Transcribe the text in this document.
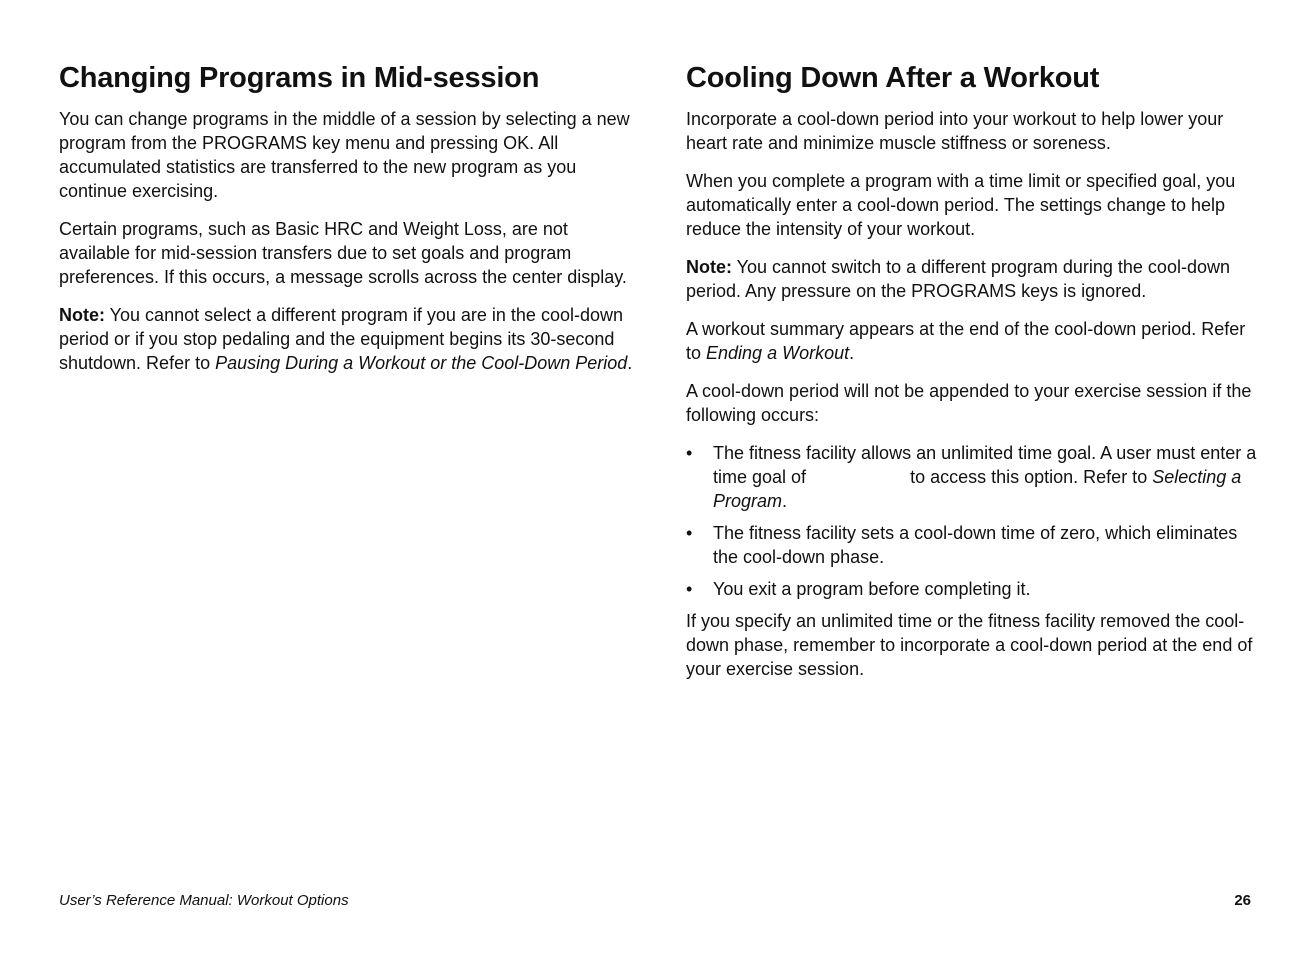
Changing Programs in Mid-session

You can change programs in the middle of a session by selecting a new program from the PROGRAMS key menu and pressing OK. All accumulated statistics are transferred to the new program as you continue exercising.

Certain programs, such as Basic HRC and Weight Loss, are not available for mid-session transfers due to set goals and program preferences. If this occurs, a message scrolls across the center display.

Note: You cannot select a different program if you are in the cool-down period or if you stop pedaling and the equipment begins its 30-second shutdown. Refer to Pausing During a Workout or the Cool-Down Period.

Cooling Down After a Workout

Incorporate a cool-down period into your workout to help lower your heart rate and minimize muscle stiffness or soreness.

When you complete a program with a time limit or specified goal, you automatically enter a cool-down period. The settings change to help reduce the intensity of your workout.

Note: You cannot switch to a different program during the cool-down period. Any pressure on the PROGRAMS keys is ignored.

A workout summary appears at the end of the cool-down period. Refer to Ending a Workout.

A cool-down period will not be appended to your exercise session if the following occurs:

• The fitness facility allows an unlimited time goal. A user must enter a time goal of	to access this option. Refer to Selecting a Program.
• The fitness facility sets a cool-down time of zero, which eliminates the cool-down phase.
• You exit a program before completing it.

If you specify an unlimited time or the fitness facility removed the cool-down phase, remember to incorporate a cool-down period at the end of your exercise session.

User’s Reference Manual: Workout Options	26
